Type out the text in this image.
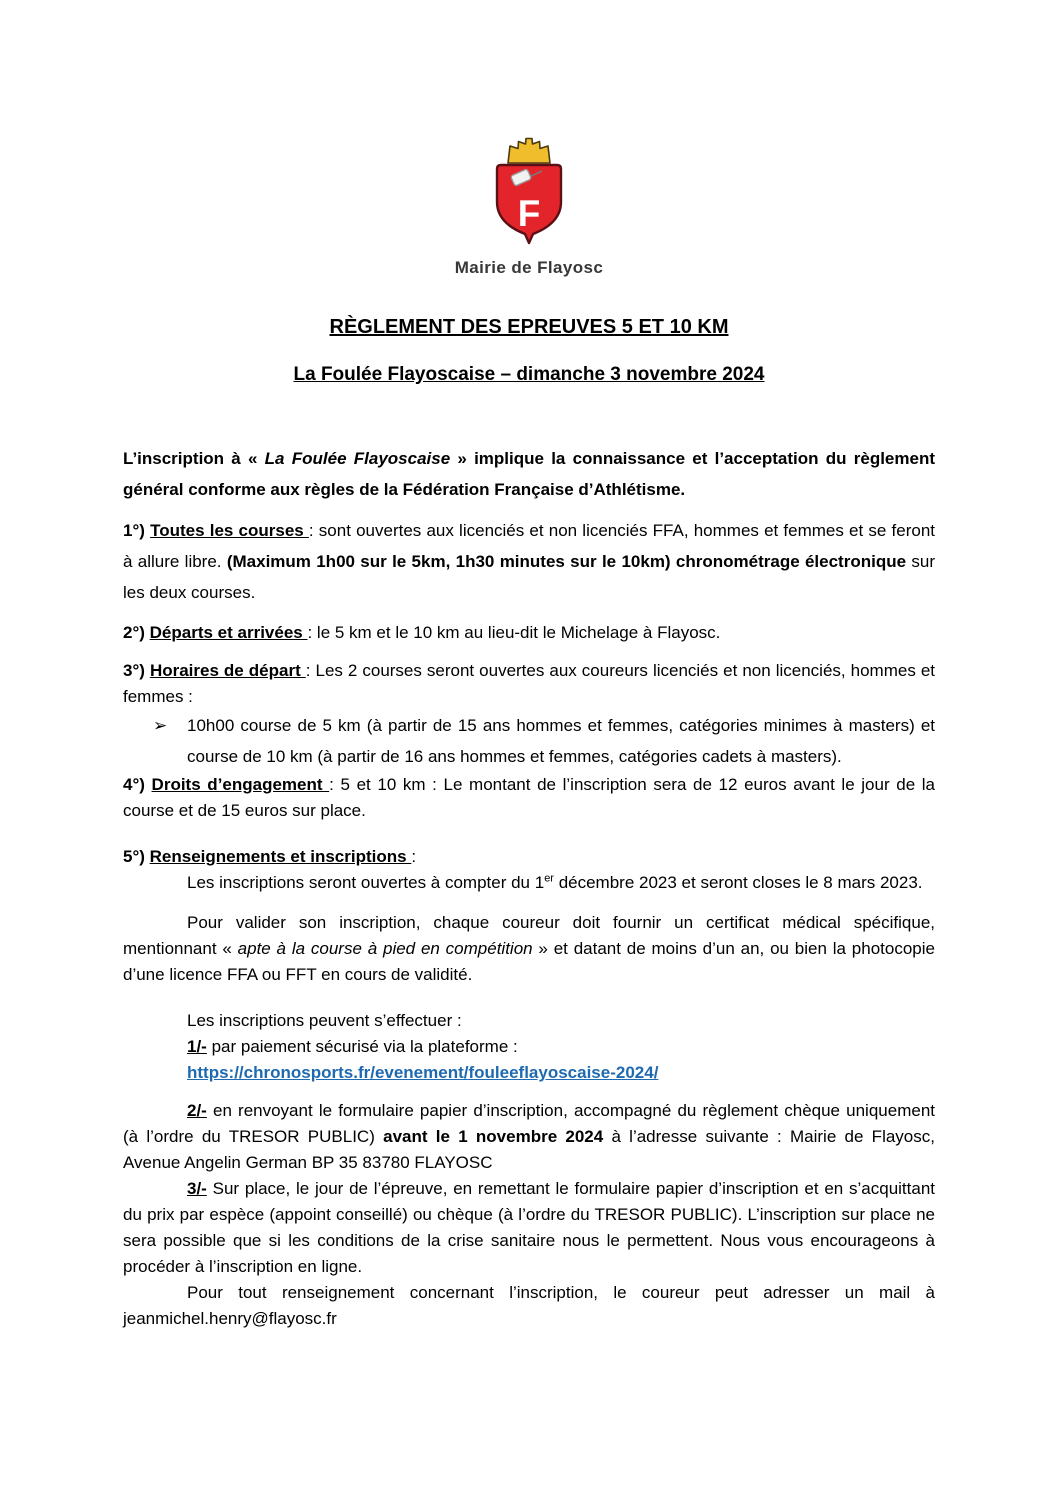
F
Mairie de Flayosc
RÈGLEMENT DES EPREUVES 5 ET 10 KM
La Foulée Flayoscaise – dimanche 3 novembre 2024

L’inscription à « La Foulée Flayoscaise » implique la connaissance et l’acceptation du règlement général conforme aux règles de la Fédération Française d’Athlétisme.

1°) Toutes les courses : sont ouvertes aux licenciés et non licenciés FFA, hommes et femmes et se feront à allure libre. (Maximum 1h00 sur le 5km, 1h30 minutes sur le 10km) chronométrage électronique sur les deux courses.

2°) Départs et arrivées : le 5 km et le 10 km au lieu-dit le Michelage à Flayosc.

3°) Horaires de départ : Les 2 courses seront ouvertes aux coureurs licenciés et non licenciés, hommes et femmes :

➢ 10h00 course de 5 km (à partir de 15 ans hommes et femmes, catégories minimes à masters) et course de 10 km (à partir de 16 ans hommes et femmes, catégories cadets à masters).

4°) Droits d’engagement : 5 et 10 km : Le montant de l’inscription sera de 12 euros avant le jour de la course et de 15 euros sur place.

5°) Renseignements et inscriptions :

Les inscriptions seront ouvertes à compter du 1er décembre 2023 et seront closes le 8 mars 2023.

Pour valider son inscription, chaque coureur doit fournir un certificat médical spécifique, mentionnant « apte à la course à pied en compétition » et datant de moins d’un an, ou bien la photocopie d’une licence FFA ou FFT en cours de validité.

Les inscriptions peuvent s’effectuer :

1/- par paiement sécurisé via la plateforme :

https://chronosports.fr/evenement/fouleeflayoscaise-2024/

2/- en renvoyant le formulaire papier d’inscription, accompagné du règlement chèque uniquement (à l’ordre du TRESOR PUBLIC) avant le 1 novembre 2024 à l’adresse suivante : Mairie de Flayosc, Avenue Angelin German BP 35 83780 FLAYOSC

3/- Sur place, le jour de l’épreuve, en remettant le formulaire papier d’inscription et en s’acquittant du prix par espèce (appoint conseillé) ou chèque (à l’ordre du TRESOR PUBLIC). L’inscription sur place ne sera possible que si les conditions de la crise sanitaire nous le permettent. Nous vous encourageons à procéder à l’inscription en ligne.

Pour tout renseignement concernant l’inscription, le coureur peut adresser un mail à jeanmichel.henry@flayosc.fr
